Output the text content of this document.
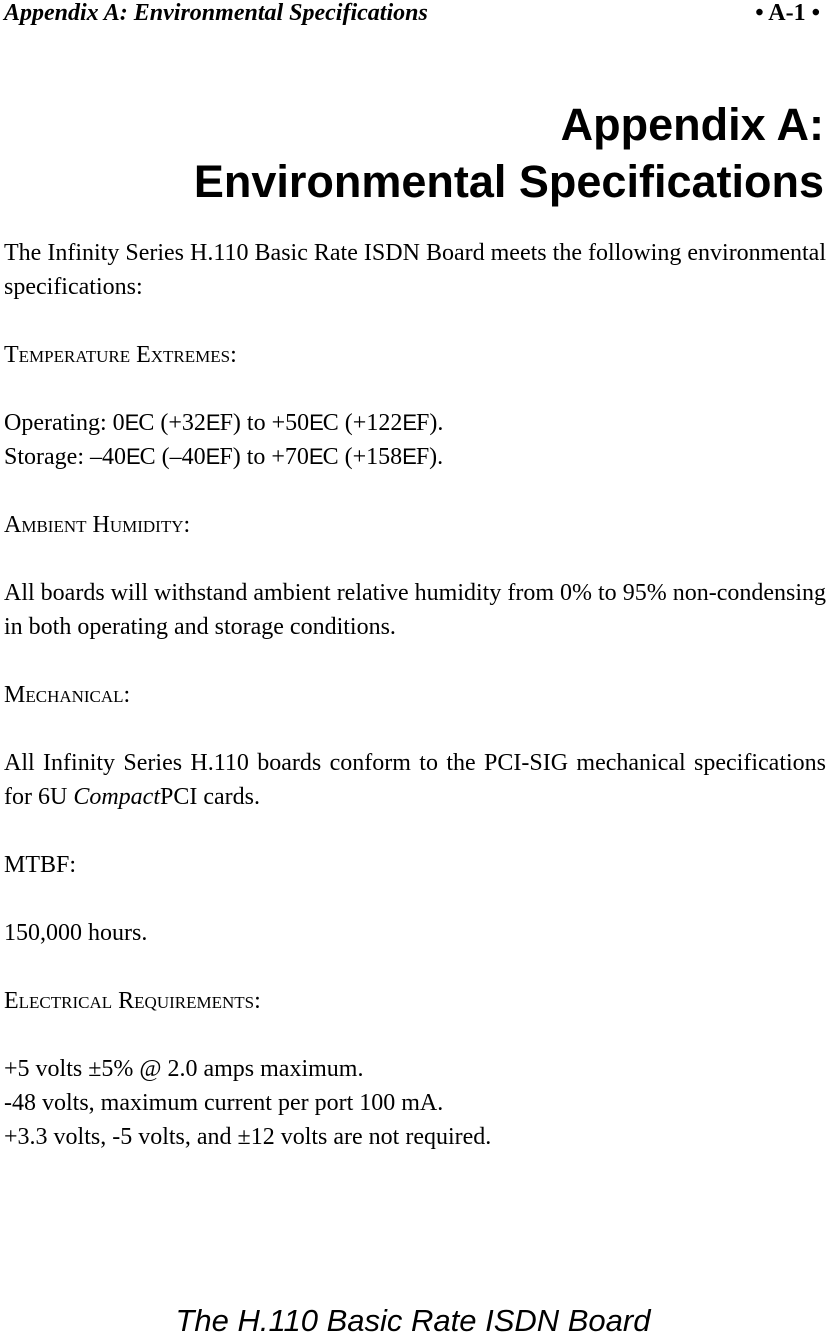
Appendix A: Environmental Specifications	• A-1 •
Appendix A:
Environmental Specifications

The Infinity Series H.110 Basic Rate ISDN Board meets the following environmental specifications:

Temperature Extremes:

Operating: 0EC (+32EF) to +50EC (+122EF).

Storage: –40EC (–40EF) to +70EC (+158EF).

Ambient Humidity:

All boards will withstand ambient relative humidity from 0% to 95% non-condensing in both operating and storage conditions.

Mechanical:

All Infinity Series H.110 boards conform to the PCI-SIG mechanical specifications for 6U CompactPCI cards.

MTBF:

150,000 hours.

Electrical Requirements:

+5 volts ±5% @ 2.0 amps maximum.

-48 volts, maximum current per port 100 mA.

+3.3 volts, -5 volts, and ±12 volts are not required.

The H.110 Basic Rate ISDN Board
